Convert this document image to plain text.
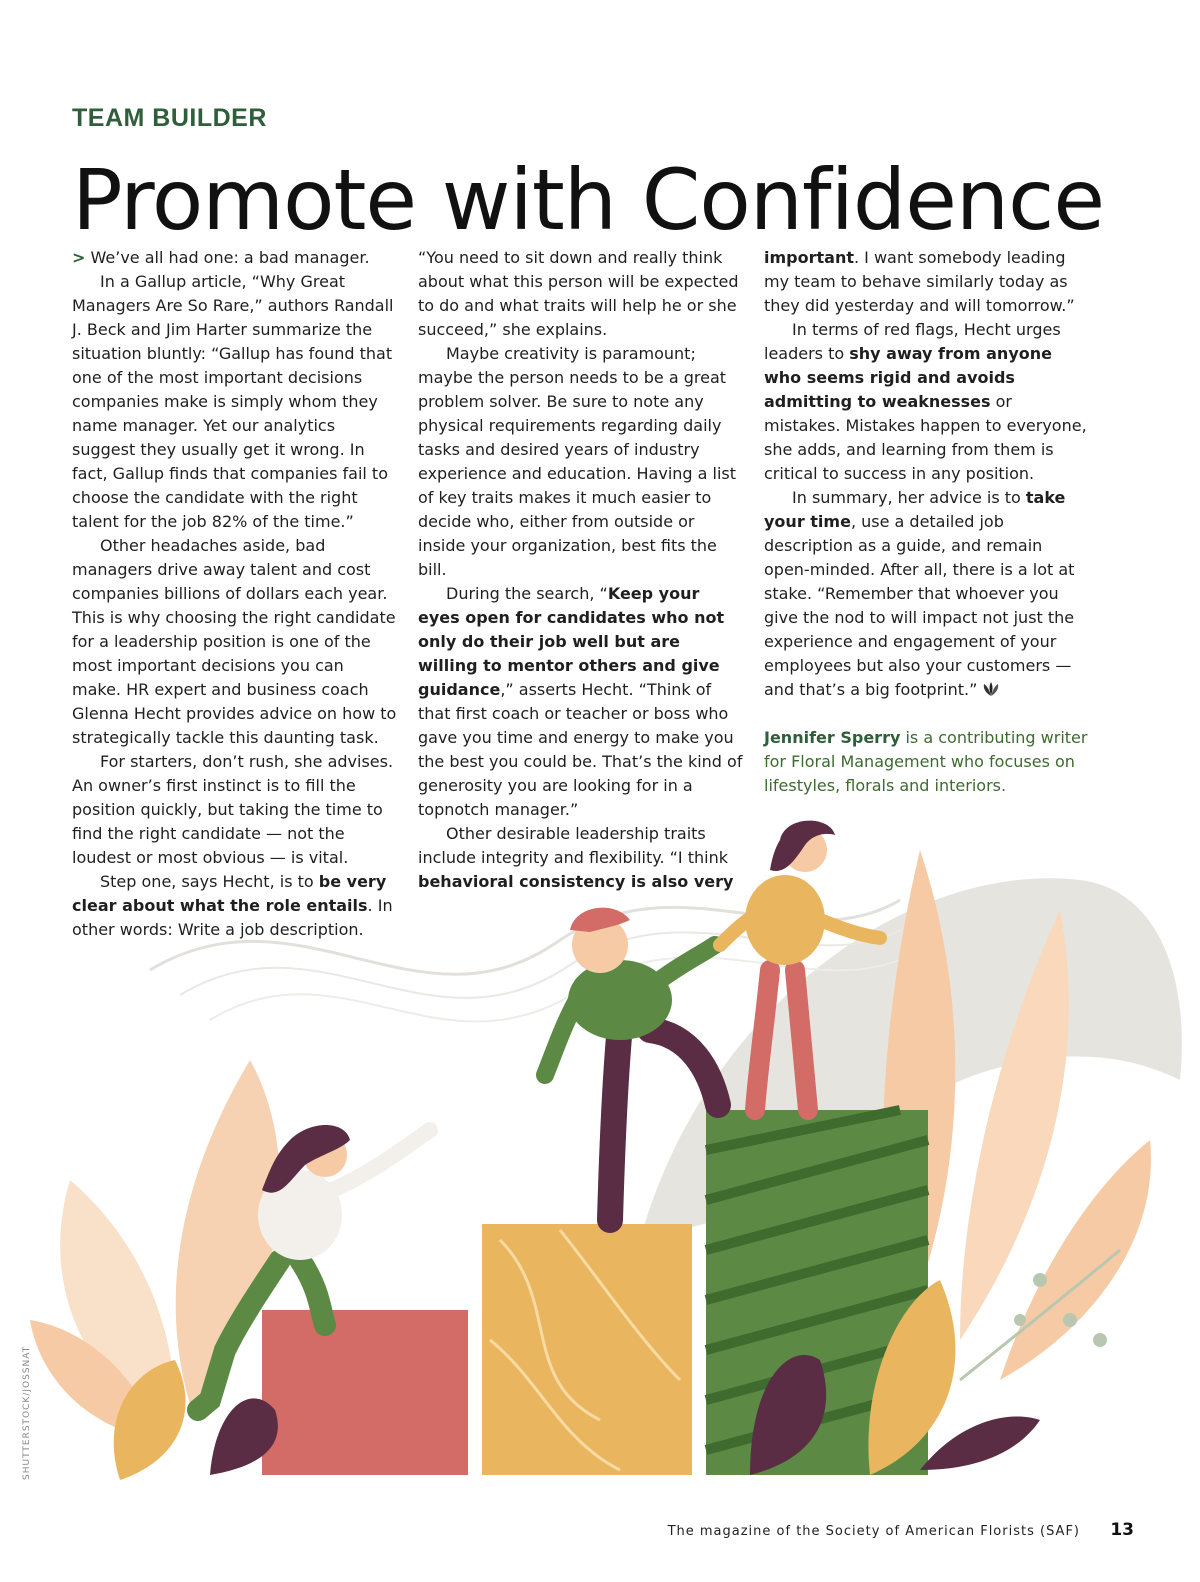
TEAM BUILDER
Promote with Confidence

> We’ve all had one: a bad manager.

In a Gallup article, “Why Great Managers Are So Rare,” authors Randall J. Beck and Jim Harter summarize the situation bluntly: “Gallup has found that one of the most important decisions companies make is simply whom they name manager. Yet our analytics suggest they usually get it wrong. In fact, Gallup finds that companies fail to choose the candidate with the right talent for the job 82% of the time.”

Other headaches aside, bad managers drive away talent and cost companies billions of dollars each year. This is why choosing the right candidate for a leadership position is one of the most important decisions you can make. HR expert and business coach Glenna Hecht provides advice on how to strategically tackle this daunting task.

For starters, don’t rush, she advises. An owner’s first instinct is to fill the position quickly, but taking the time to find the right candidate — not the loudest or most obvious — is vital.

Step one, says Hecht, is to be very clear about what the role entails. In other words: Write a job description.

“You need to sit down and really think about what this person will be expected to do and what traits will help he or she succeed,” she explains.

Maybe creativity is paramount; maybe the person needs to be a great problem solver. Be sure to note any physical requirements regarding daily tasks and desired years of industry experience and education. Having a list of key traits makes it much easier to decide who, either from outside or inside your organization, best fits the bill.

During the search, “Keep your eyes open for candidates who not only do their job well but are willing to mentor others and give guidance,” asserts Hecht. “Think of that first coach or teacher or boss who gave you time and energy to make you the best you could be. That’s the kind of generosity you are looking for in a topnotch manager.”

Other desirable leadership traits include integrity and flexibility. “I think behavioral consistency is also very

important. I want somebody leading my team to behave similarly today as they did yesterday and will tomorrow.”

In terms of red flags, Hecht urges leaders to shy away from anyone who seems rigid and avoids admitting to weaknesses or mistakes. Mistakes happen to everyone, she adds, and learning from them is critical to success in any position.

In summary, her advice is to take your time, use a detailed job description as a guide, and remain open-minded. After all, there is a lot at stake. “Remember that whoever you give the nod to will impact not just the experience and engagement of your employees but also your customers — and that’s a big footprint.”

Jennifer Sperry is a contributing writer for Floral Management who focuses on lifestyles, florals and interiors.

SHUTTERSTOCK/JOSSNAT
The magazine of the Society of American Florists (SAF) 13
